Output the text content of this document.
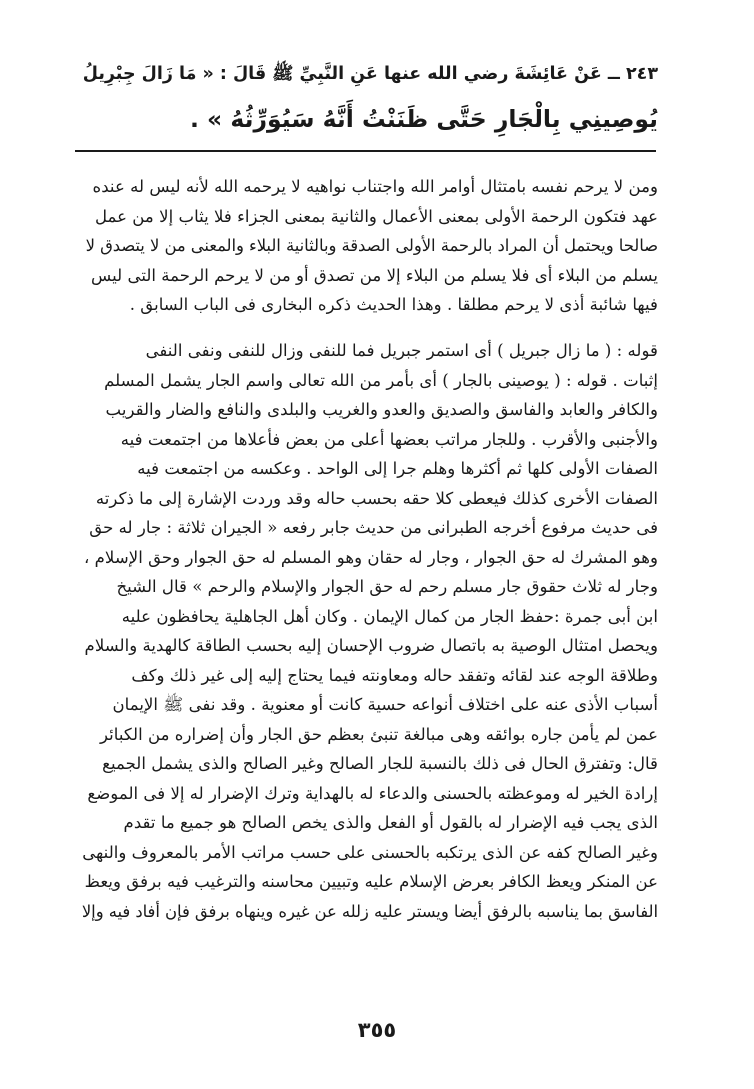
٢٤٣ ــ عَنْ عَائِشَةَ رضي الله عنها عَنِ النَّبِيِّ ﷺ قَالَ : « مَا زَالَ جِبْرِيلُ
يُوصِينِي بِالْجَارِ حَتَّى ظَنَنْتُ أَنَّهُ سَيُوَرِّثُهُ » .
ومن لا يرحم نفسه بامتثال أوامر الله واجتناب نواهيه لا يرحمه الله لأنه ليس له عنده
عهد فتكون الرحمة الأولى بمعنى الأعمال والثانية بمعنى الجزاء فلا يثاب إلا من عمل
صالحا ويحتمل أن المراد بالرحمة الأولى الصدقة وبالثانية البلاء والمعنى من لا يتصدق لا
يسلم من البلاء أى فلا يسلم من البلاء إلا من تصدق أو من لا يرحم الرحمة التى ليس
فيها شائبة أذى لا يرحم مطلقا . وهذا الحديث ذكره البخارى فى الباب السابق .
قوله : ( ما زال جبريل ) أى استمر جبريل فما للنفى وزال للنفى ونفى النفى
إثبات . قوله : ( يوصينى بالجار ) أى بأمر من الله تعالى واسم الجار يشمل المسلم
والكافر والعابد والفاسق والصديق والعدو والغريب والبلدى والنافع والضار والقريب
والأجنبى والأقرب . وللجار مراتب بعضها أعلى من بعض فأعلاها من اجتمعت فيه
الصفات الأولى كلها ثم أكثرها وهلم جرا إلى الواحد . وعكسه من اجتمعت فيه
الصفات الأخرى كذلك فيعطى كلا حقه بحسب حاله وقد وردت الإشارة إلى ما ذكرته
فى حديث مرفوع أخرجه الطبرانى من حديث جابر رفعه « الجيران ثلاثة : جار له حق
وهو المشرك له حق الجوار ، وجار له حقان وهو المسلم له حق الجوار وحق الإسلام ،
وجار له ثلاث حقوق جار مسلم رحم له حق الجوار والإسلام والرحم » قال الشيخ
ابن أبى جمرة :حفظ الجار من كمال الإيمان . وكان أهل الجاهلية يحافظون عليه
ويحصل امتثال الوصية به باتصال ضروب الإحسان إليه بحسب الطاقة كالهدية والسلام
وطلاقة الوجه عند لقائه وتفقد حاله ومعاونته فيما يحتاج إليه إلى غير ذلك وكف
أسباب الأذى عنه على اختلاف أنواعه حسية كانت أو معنوية . وقد نفى ﷺ الإيمان
عمن لم يأمن جاره بوائقه وهى مبالغة تنبئ بعظم حق الجار وأن إضراره من الكبائر
قال: وتفترق الحال فى ذلك بالنسبة للجار الصالح وغير الصالح والذى يشمل الجميع
إرادة الخير له وموعظته بالحسنى والدعاء له بالهداية وترك الإضرار له إلا فى الموضع
الذى يجب فيه الإضرار له بالقول أو الفعل والذى يخص الصالح هو جميع ما تقدم
وغير الصالح كفه عن الذى يرتكبه بالحسنى على حسب مراتب الأمر بالمعروف والنهى
عن المنكر ويعظ الكافر بعرض الإسلام عليه وتبيين محاسنه والترغيب فيه برفق ويعظ
الفاسق بما يناسبه بالرفق أيضا ويستر عليه زلله عن غيره وينهاه برفق فإن أفاد فيه وإلا
٣٥٥
